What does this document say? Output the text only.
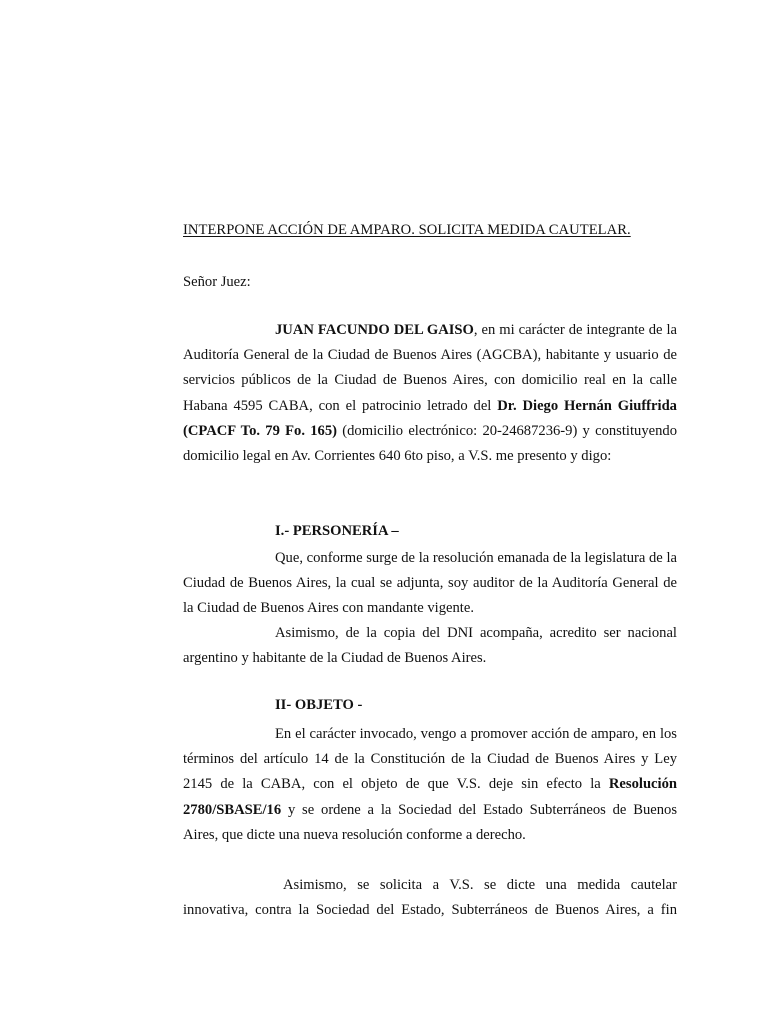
INTERPONE ACCIÓN DE AMPARO. SOLICITA MEDIDA CAUTELAR.
Señor Juez:

JUAN FACUNDO DEL GAISO, en mi carácter de integrante de la Auditoría General de la Ciudad de Buenos Aires (AGCBA), habitante y usuario de servicios públicos de la Ciudad de Buenos Aires, con domicilio real en la calle Habana 4595 CABA, con el patrocinio letrado del Dr. Diego Hernán Giuffrida (CPACF To. 79 Fo. 165) (domicilio electrónico: 20-24687236-9) y constituyendo domicilio legal en Av. Corrientes 640 6to piso, a V.S. me presento y digo:

I.- PERSONERÍA –

Que, conforme surge de la resolución emanada de la legislatura de la Ciudad de Buenos Aires, la cual se adjunta, soy auditor de la Auditoría General de la Ciudad de Buenos Aires con mandante vigente.

Asimismo, de la copia del DNI acompaña, acredito ser nacional argentino y habitante de la Ciudad de Buenos Aires.

II- OBJETO -

En el carácter invocado, vengo a promover acción de amparo, en los términos del artículo 14 de la Constitución de la Ciudad de Buenos Aires y Ley 2145 de la CABA, con el objeto de que V.S. deje sin efecto la Resolución 2780/SBASE/16 y se ordene a la Sociedad del Estado Subterráneos de Buenos Aires, que dicte una nueva resolución conforme a derecho.

Asimismo, se solicita a V.S. se dicte una medida cautelar innovativa, contra la Sociedad del Estado, Subterráneos de Buenos Aires, a fin
